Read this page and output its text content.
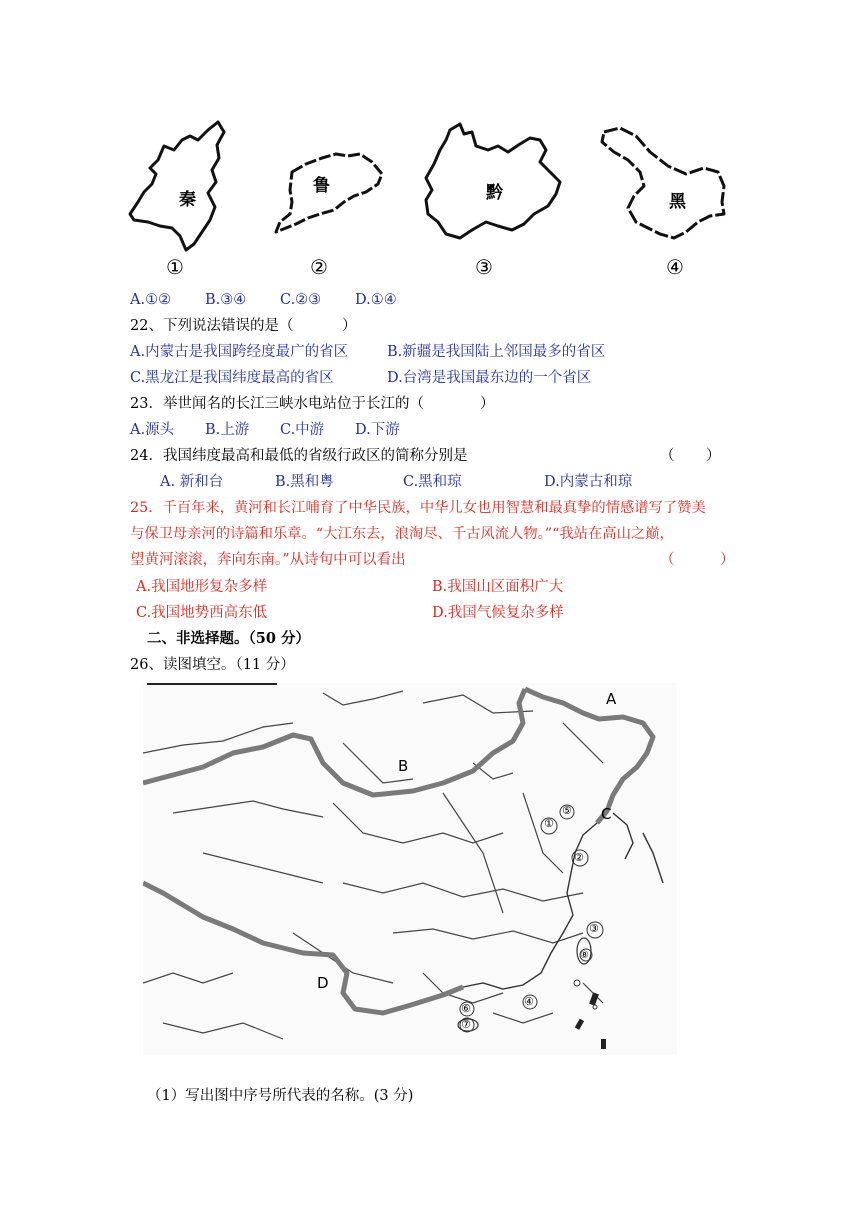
秦
鲁	黔	黑
①	②	③	④
A.①② B.③④ C.②③ D.①④
22、下列说法错误的是（	）
A.内蒙古是我国跨经度最广的省区	B.新疆是我国陆上邻国最多的省区
C.黑龙江是我国纬度最高的省区	D.台湾是我国最东边的一个省区
23．举世闻名的长江三峡水电站位于长江的（	）
A.源头 B.上游 C.中游 D.下游
24．我国纬度最高和最低的省级行政区的简称分别是	（ ）
A. 新和台	B.黑和粤	C.黑和琼	D.内蒙古和琼
25．千百年来，黄河和长江哺育了中华民族，中华儿女也用智慧和最真挚的情感谱写了赞美
与保卫母亲河的诗篇和乐章。“大江东去，浪淘尽、千古风流人物。”“我站在高山之巅，
望黄河滚滚，奔向东南。”从诗句中可以看出	（	）
A.我国地形复杂多样	B.我国山区面积广大
C.我国地势西高东低	D.我国气候复杂多样
二、非选择题。（50 分）
26、读图填空。（11 分）
A
B
C
D
①
⑤
②
③
⑧
④
⑥
⑦
（1）写出图中序号所代表的名称。(3 分)
